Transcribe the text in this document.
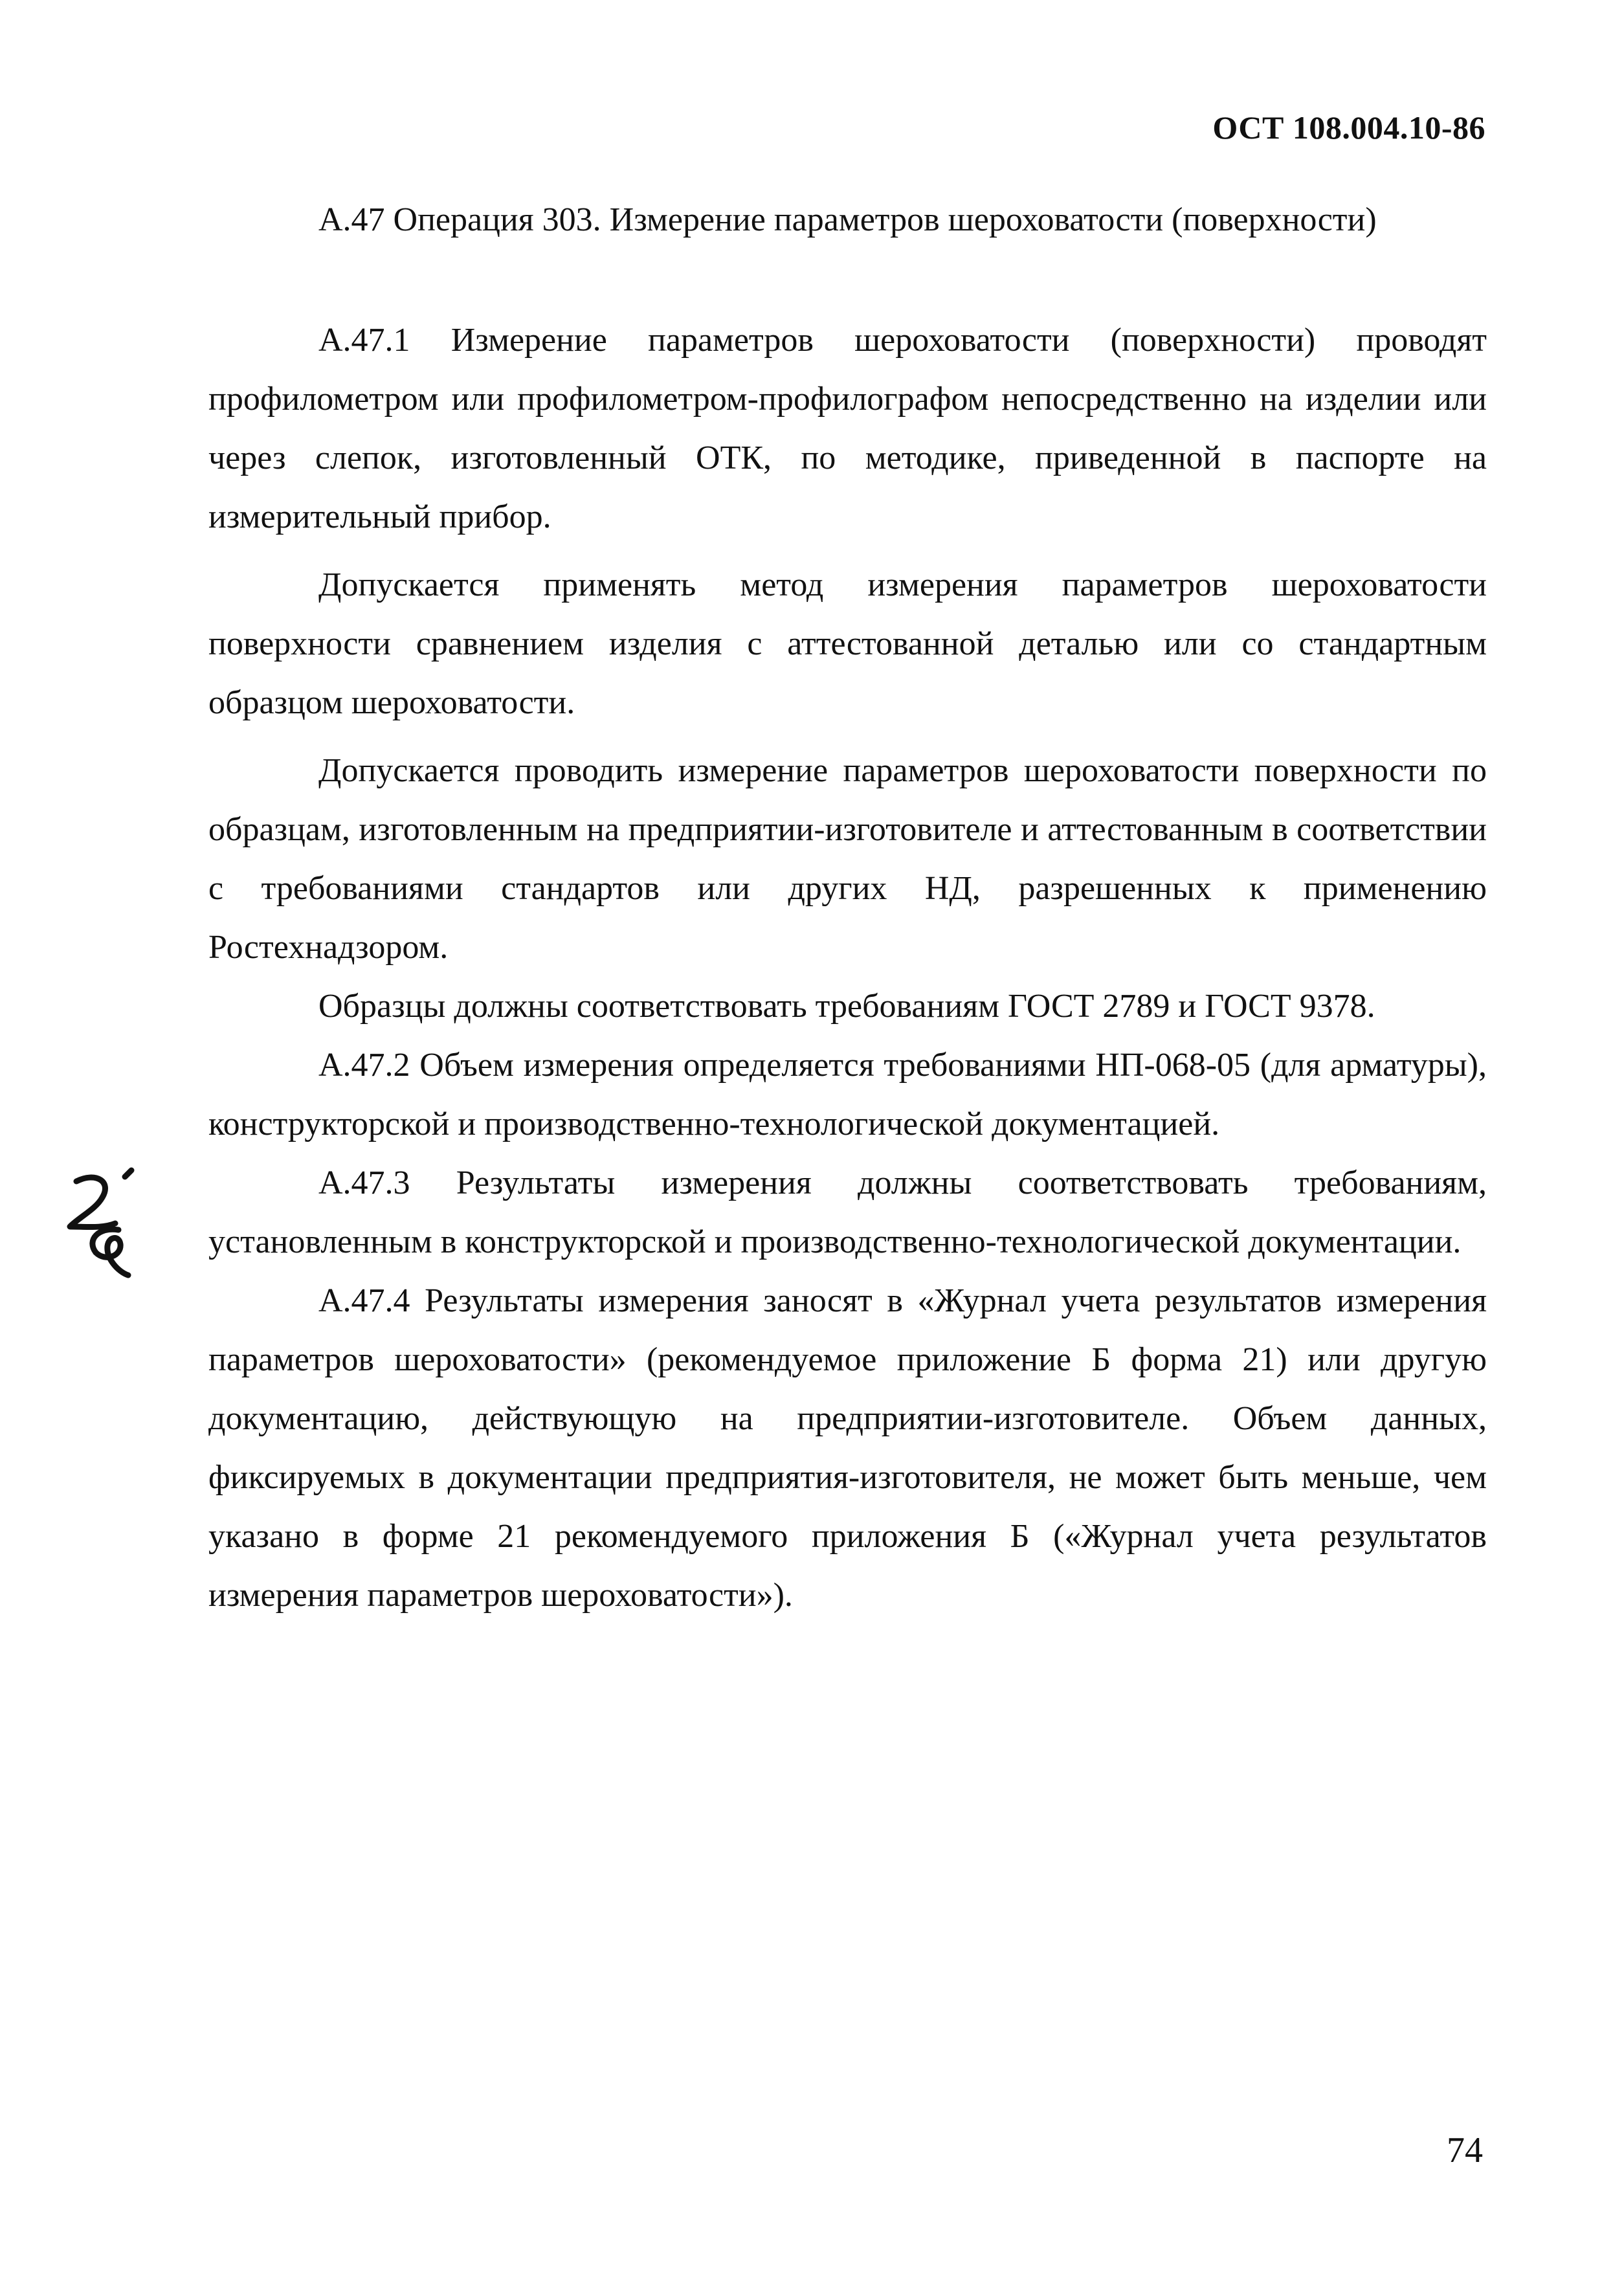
ОСТ 108.004.10-86
А.47 Операция 303. Измерение параметров шероховатости (поверхности)

А.47.1 Измерение параметров шероховатости (поверхности) проводят профилометром или профилометром-профилографом непосредственно на изделии или через слепок, изготовленный ОТК, по методике, приведенной в паспорте на измерительный прибор.

Допускается применять метод измерения параметров шероховатости поверхности сравнением изделия с аттестованной деталью или со стандартным образцом шероховатости.

Допускается проводить измерение параметров шероховатости поверхности по образцам, изготовленным на предприятии-изготовителе и аттестованным в соответствии с требованиями стандартов или других НД, разрешенных к применению Ростехнадзором.

Образцы должны соответствовать требованиям ГОСТ 2789 и ГОСТ 9378.

А.47.2 Объем измерения определяется требованиями НП-068-05 (для арматуры), конструкторской и производственно-технологической документацией.

А.47.3 Результаты измерения должны соответствовать требованиям, установленным в конструкторской и производственно-технологической документации.

А.47.4 Результаты измерения заносят в «Журнал учета результатов измерения параметров шероховатости» (рекомендуемое приложение Б форма 21) или другую документацию, действующую на предприятии-изготовителе. Объем данных, фиксируемых в документации предприятия-изготовителя, не может быть меньше, чем указано в форме 21 рекомендуемого приложения Б («Журнал учета результатов измерения параметров шероховатости»).

74
